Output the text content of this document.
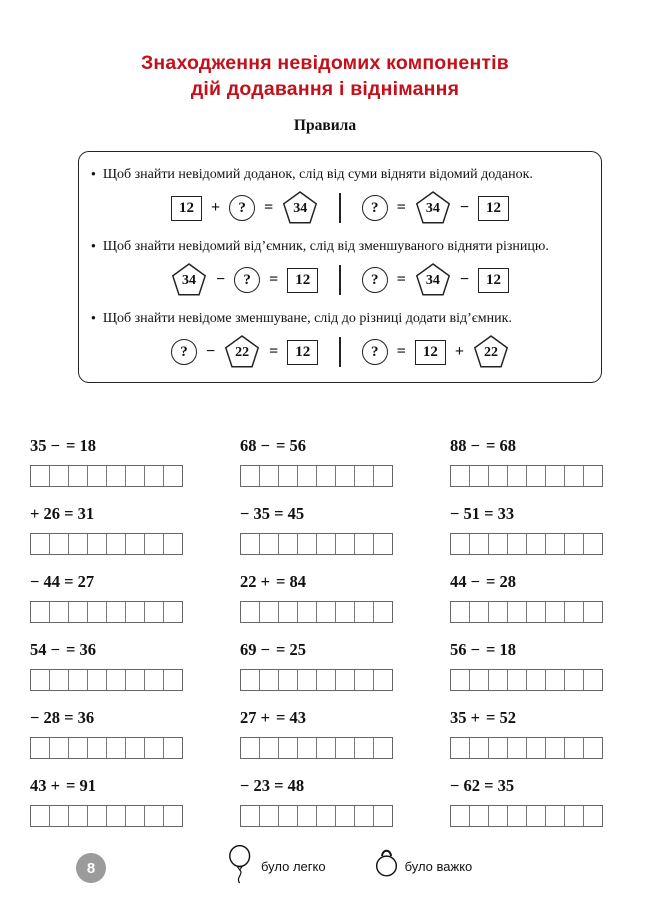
Знаходження невідомих компонентів
дій додавання і віднімання
Правила
● Щоб знайти невідомий доданок, слід від суми відняти відомий доданок.
12 + ? =	34	? =	34	− 12
● Щоб знайти невідомий від’ємник, слід від зменшуваного відняти різницю.
34	− ? = 12	? =	34	− 12
● Щоб знайти невідоме зменшуване, слід до різниці додати від’ємник.
? −	22	= 12	? = 12 +	22
35 − = 18	68 − = 56	88 − = 68
+ 26 = 31	− 35 = 45	− 51 = 33
− 44 = 27	22 + = 84	44 − = 28
54 − = 36	69 − = 25	56 − = 18
− 28 = 36	27 + = 43	35 + = 52
43 + = 91	− 23 = 48	− 62 = 35
8	було легко	було важко
